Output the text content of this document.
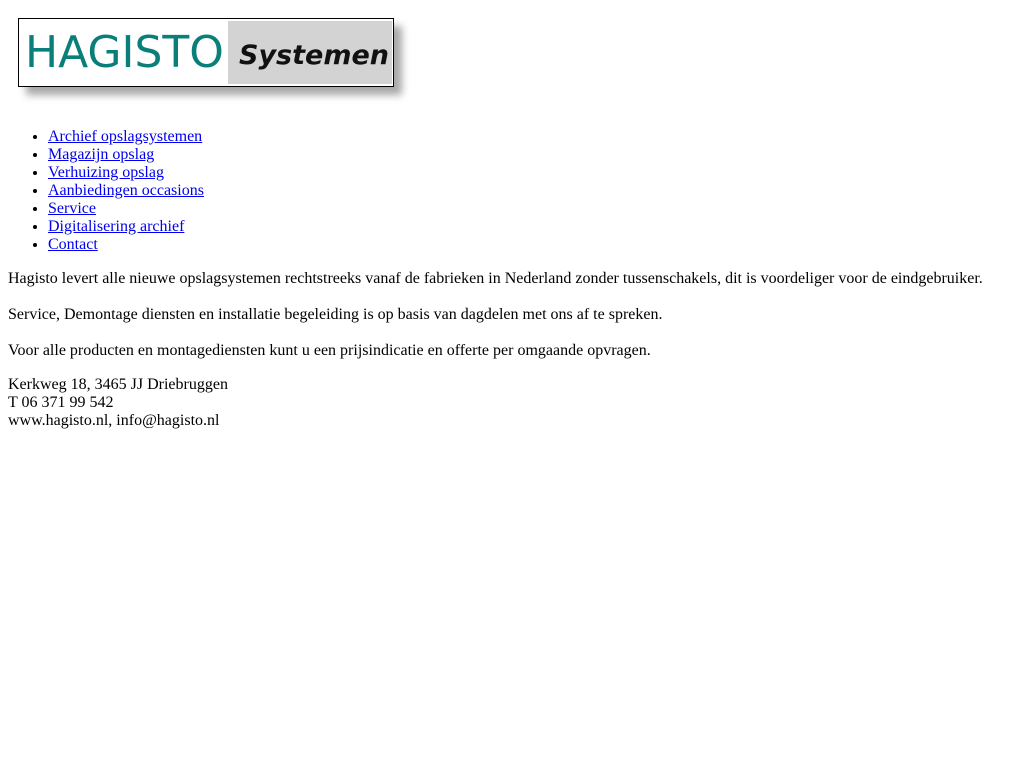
HAGISTO Systemen
• Archief opslagsystemen
• Magazijn opslag
• Verhuizing opslag
• Aanbiedingen occasions
• Service
• Digitalisering archief
• Contact

Hagisto levert alle nieuwe opslagsystemen rechtstreeks vanaf de fabrieken in Nederland zonder tussenschakels, dit is voordeliger voor de eindgebruiker.

Service, Demontage diensten en installatie begeleiding is op basis van dagdelen met ons af te spreken.

Voor alle producten en montagediensten kunt u een prijsindicatie en offerte per omgaande opvragen.

Kerkweg 18, 3465 JJ Driebruggen
T 06 371 99 542
www.hagisto.nl, info@hagisto.nl
